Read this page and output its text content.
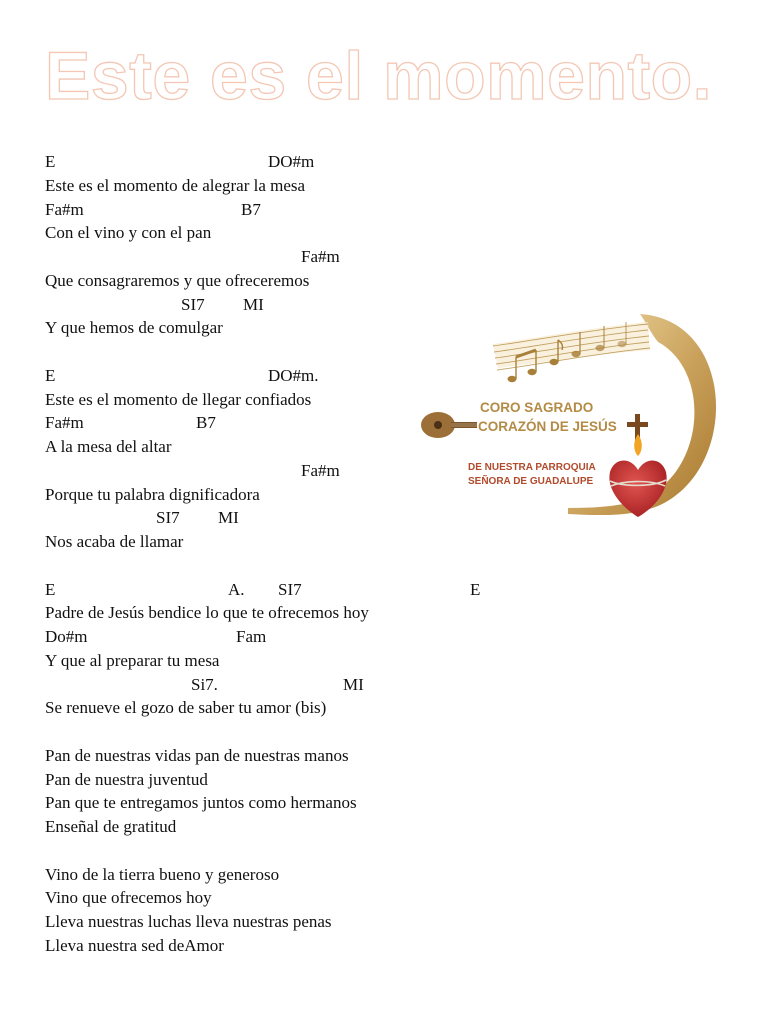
Este es el momento.
E	DO#m
Este es el momento de alegrar la mesa
Fa#m	B7
Con el vino y con el pan
Fa#m
Que consagraremos y que ofreceremos
SI7 MI
Y que hemos de comulgar
E	DO#m.
Este es el momento de llegar confiados
Fa#m	B7
A la mesa del altar
Fa#m
Porque tu palabra dignificadora
SI7 MI
Nos acaba de llamar
E	A. SI7	E
Padre de Jesús bendice lo que te ofrecemos hoy
Do#m	Fam
Y que al preparar tu mesa
Si7.	MI
Se renueve el gozo de saber tu amor (bis)
Pan de nuestras vidas pan de nuestras manos
Pan de nuestra juventud
Pan que te entregamos juntos como hermanos
Enseñal de gratitud
Vino de la tierra bueno y generoso
Vino que ofrecemos hoy
Lleva nuestras luchas lleva nuestras penas
Lleva nuestra sed deAmor
CORO SAGRADO
CORAZÓN DE JESÚS
DE NUESTRA PARROQUIA
SEÑORA DE GUADALUPE
